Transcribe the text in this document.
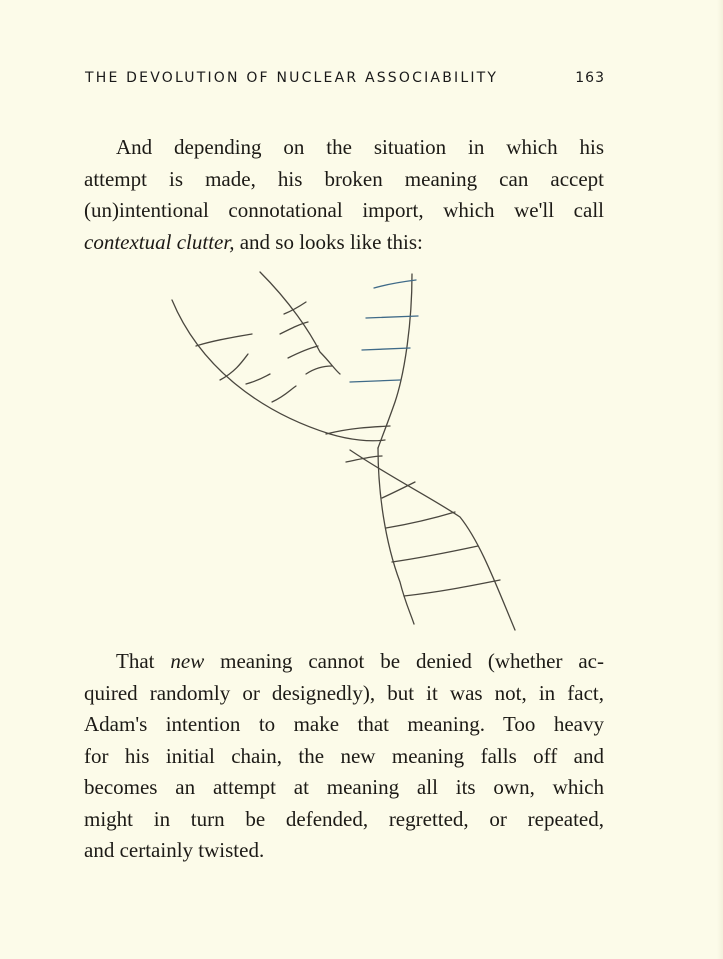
THE DEVOLUTION OF NUCLEAR ASSOCIABILITY	163

And depending on the situation in which his
attempt is made, his broken meaning can accept
(un)intentional connotational import, which we'll call
contextual clutter, and so looks like this:

That new meaning cannot be denied (whether ac-
quired randomly or designedly), but it was not, in fact,
Adam's intention to make that meaning. Too heavy
for his initial chain, the new meaning falls off and
becomes an attempt at meaning all its own, which
might in turn be defended, regretted, or repeated,
and certainly twisted.
